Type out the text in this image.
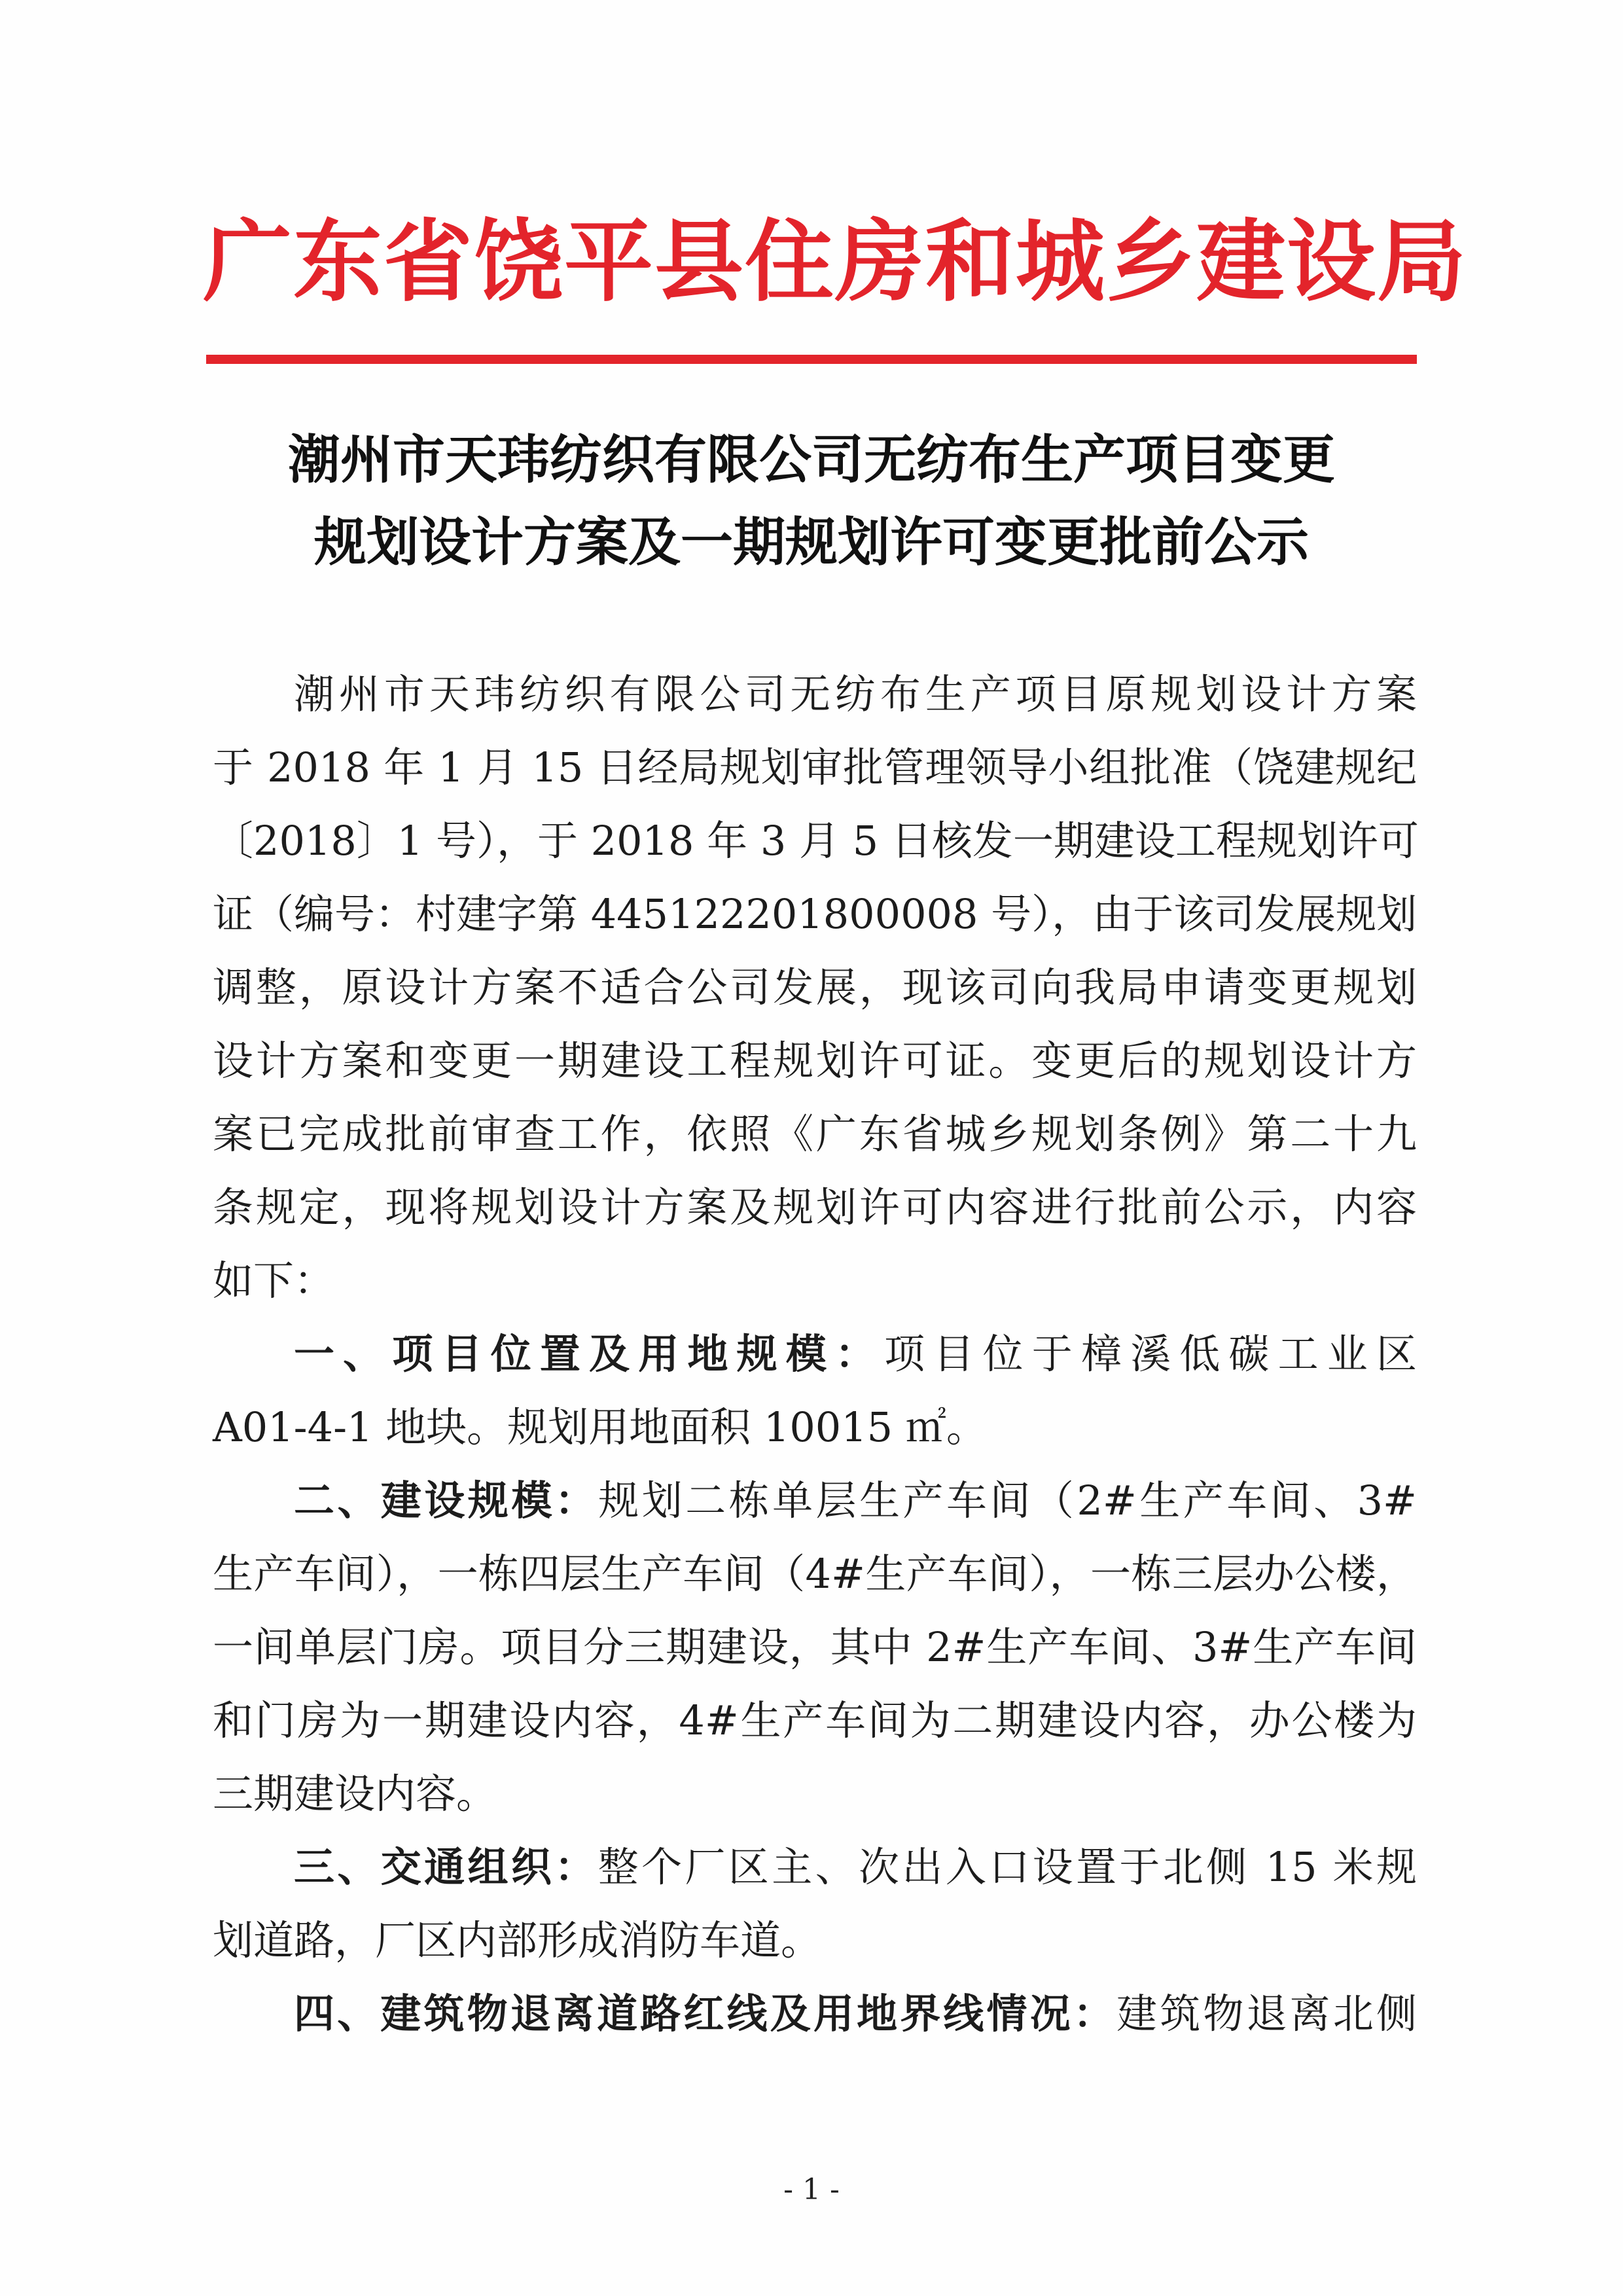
广东省饶平县住房和城乡建设局
潮州市天玮纺织有限公司无纺布生产项目变更
规划设计方案及一期规划许可变更批前公示
潮州市天玮纺织有限公司无纺布生产项目原规划设计方案
于 2018 年 1 月 15 日经局规划审批管理领导小组批准（饶建规纪
〔2018〕1 号），于 2018 年 3 月 5 日核发一期建设工程规划许可
证（编号：村建字第 445122201800008 号），由于该司发展规划
调整，原设计方案不适合公司发展，现该司向我局申请变更规划
设计方案和变更一期建设工程规划许可证。变更后的规划设计方
案已完成批前审查工作，依照《广东省城乡规划条例》第二十九
条规定，现将规划设计方案及规划许可内容进行批前公示，内容
如下：
一、项目位置及用地规模：项目位于樟溪低碳工业区
A01-4-1 地块。规划用地面积 10015 ㎡。
二、建设规模：规划二栋单层生产车间（2#生产车间、3#
生产车间），一栋四层生产车间（4#生产车间），一栋三层办公楼，
一间单层门房。项目分三期建设，其中 2#生产车间、3#生产车间
和门房为一期建设内容，4#生产车间为二期建设内容，办公楼为
三期建设内容。
三、交通组织：整个厂区主、次出入口设置于北侧 15 米规
划道路，厂区内部形成消防车道。
四、建筑物退离道路红线及用地界线情况：建筑物退离北侧
- 1 -
